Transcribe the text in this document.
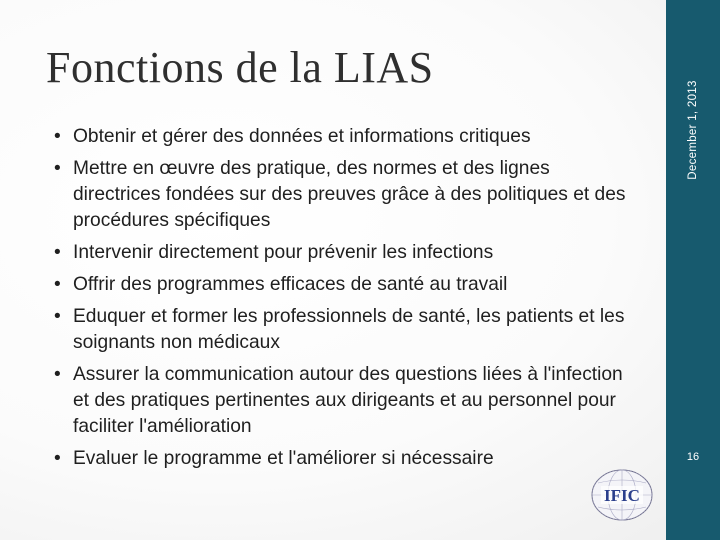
Fonctions de la LIAS
• Obtenir et gérer des données et informations critiques
• Mettre en œuvre des pratique, des normes et des lignes directrices fondées sur des preuves grâce à des politiques et des procédures spécifiques
• Intervenir directement pour prévenir les infections
• Offrir des programmes efficaces de santé au travail
• Eduquer et former les professionnels de santé, les patients et les soignants non médicaux
• Assurer la communication autour des questions liées à l'infection et des pratiques pertinentes aux dirigeants et au personnel pour faciliter l'amélioration
• Evaluer le programme et l'améliorer si nécessaire
December 1, 2013
16
IFIC
